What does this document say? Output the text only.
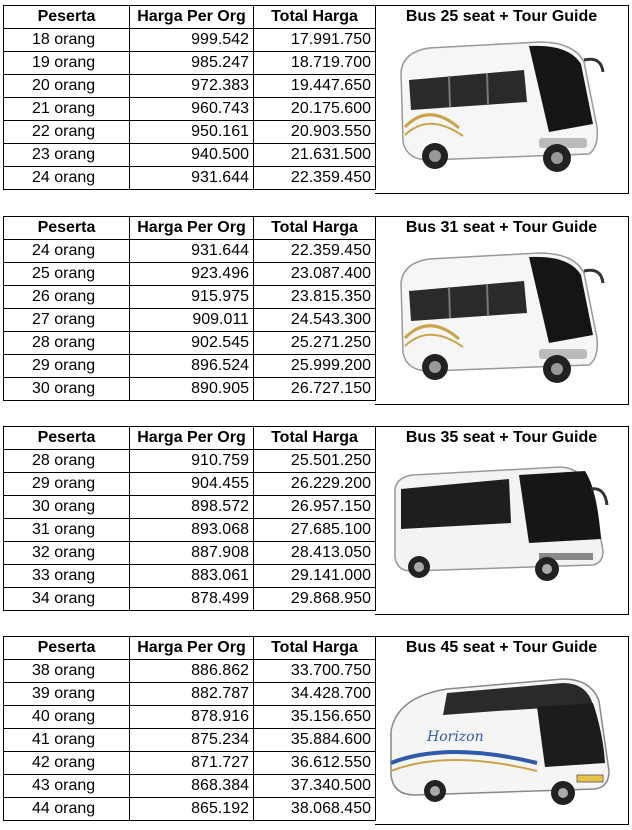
Peserta	Harga Per Org	Total Harga
18 orang	999.542	17.991.750
19 orang	985.247	18.719.700
20 orang	972.383	19.447.650
21 orang	960.743	20.175.600
22 orang	950.161	20.903.550
23 orang	940.500	21.631.500
24 orang	931.644	22.359.450
Bus 25 seat + Tour Guide
Peserta	Harga Per Org	Total Harga
24 orang	931.644	22.359.450
25 orang	923.496	23.087.400
26 orang	915.975	23.815.350
27 orang	909.011	24.543.300
28 orang	902.545	25.271.250
29 orang	896.524	25.999.200
30 orang	890.905	26.727.150
Bus 31 seat + Tour Guide
Peserta	Harga Per Org	Total Harga
28 orang	910.759	25.501.250
29 orang	904.455	26.229.200
30 orang	898.572	26.957.150
31 orang	893.068	27.685.100
32 orang	887.908	28.413.050
33 orang	883.061	29.141.000
34 orang	878.499	29.868.950
Bus 35 seat + Tour Guide
Peserta	Harga Per Org	Total Harga
38 orang	886.862	33.700.750
39 orang	882.787	34.428.700
40 orang	878.916	35.156.650
41 orang	875.234	35.884.600
42 orang	871.727	36.612.550
43 orang	868.384	37.340.500
44 orang	865.192	38.068.450
Bus 45 seat + Tour Guide
Horizon
